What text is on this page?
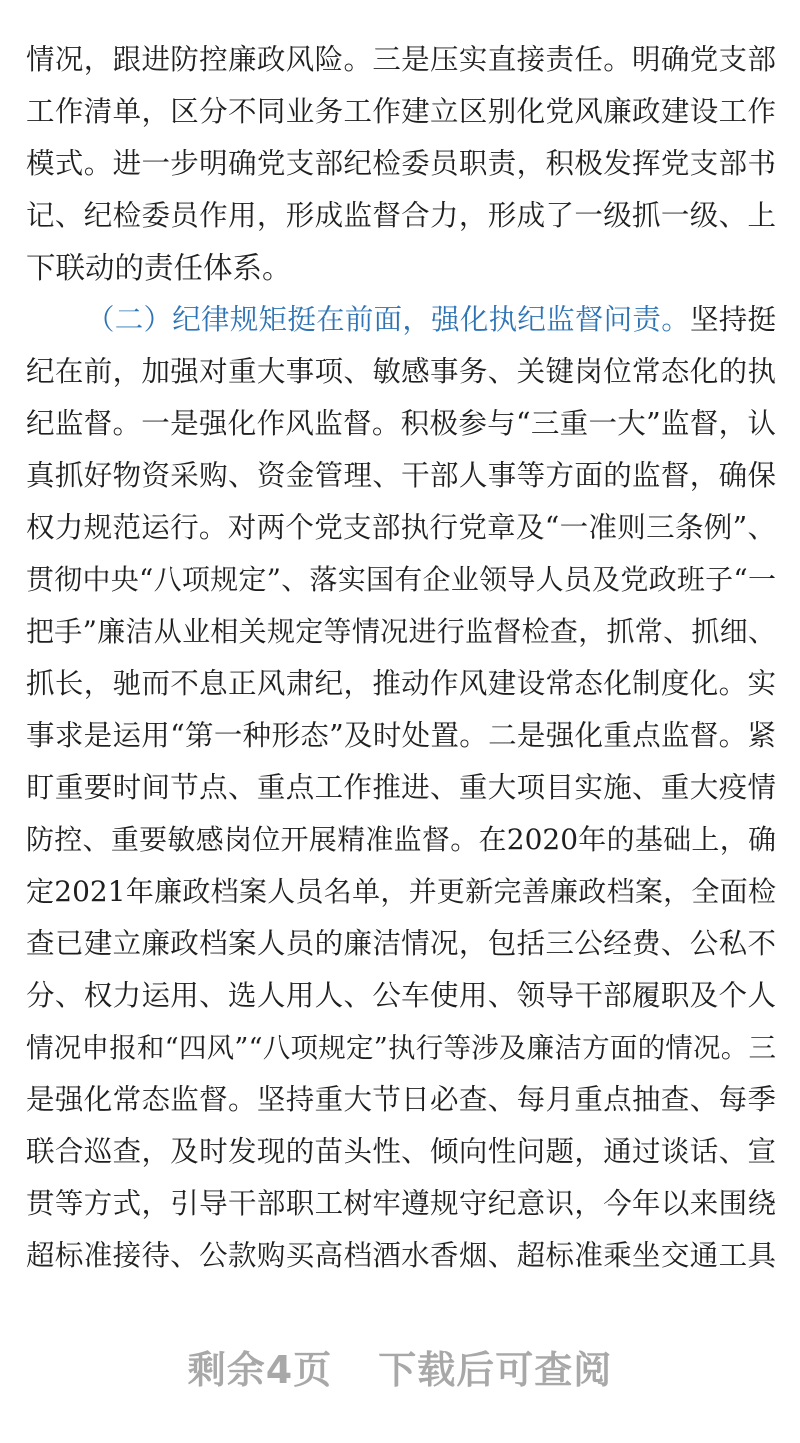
情况，跟进防控廉政风险。三是压实直接责任。明确党支部
工作清单，区分不同业务工作建立区别化党风廉政建设工作
模式。进一步明确党支部纪检委员职责，积极发挥党支部书
记、纪检委员作用，形成监督合力，形成了一级抓一级、上
下联动的责任体系。
（二）纪律规矩挺在前面，强化执纪监督问责。坚持挺
纪在前，加强对重大事项、敏感事务、关键岗位常态化的执
纪监督。一是强化作风监督。积极参与“三重一大”监督，认
真抓好物资采购、资金管理、干部人事等方面的监督，确保
权力规范运行。对两个党支部执行党章及“一准则三条例”、
贯彻中央“八项规定”、落实国有企业领导人员及党政班子“一
把手”廉洁从业相关规定等情况进行监督检查，抓常、抓细、
抓长，驰而不息正风肃纪，推动作风建设常态化制度化。实
事求是运用“第一种形态”及时处置。二是强化重点监督。紧
盯重要时间节点、重点工作推进、重大项目实施、重大疫情
防控、重要敏感岗位开展精准监督。在2020年的基础上，确
定2021年廉政档案人员名单，并更新完善廉政档案，全面检
查已建立廉政档案人员的廉洁情况，包括三公经费、公私不
分、权力运用、选人用人、公车使用、领导干部履职及个人
情况申报和“四风”“八项规定”执行等涉及廉洁方面的情况。三
是强化常态监督。坚持重大节日必查、每月重点抽查、每季
联合巡查，及时发现的苗头性、倾向性问题，通过谈话、宣
贯等方式，引导干部职工树牢遵规守纪意识，今年以来围绕
超标准接待、公款购买高档酒水香烟、超标准乘坐交通工具
剩余4页 下载后可查阅
